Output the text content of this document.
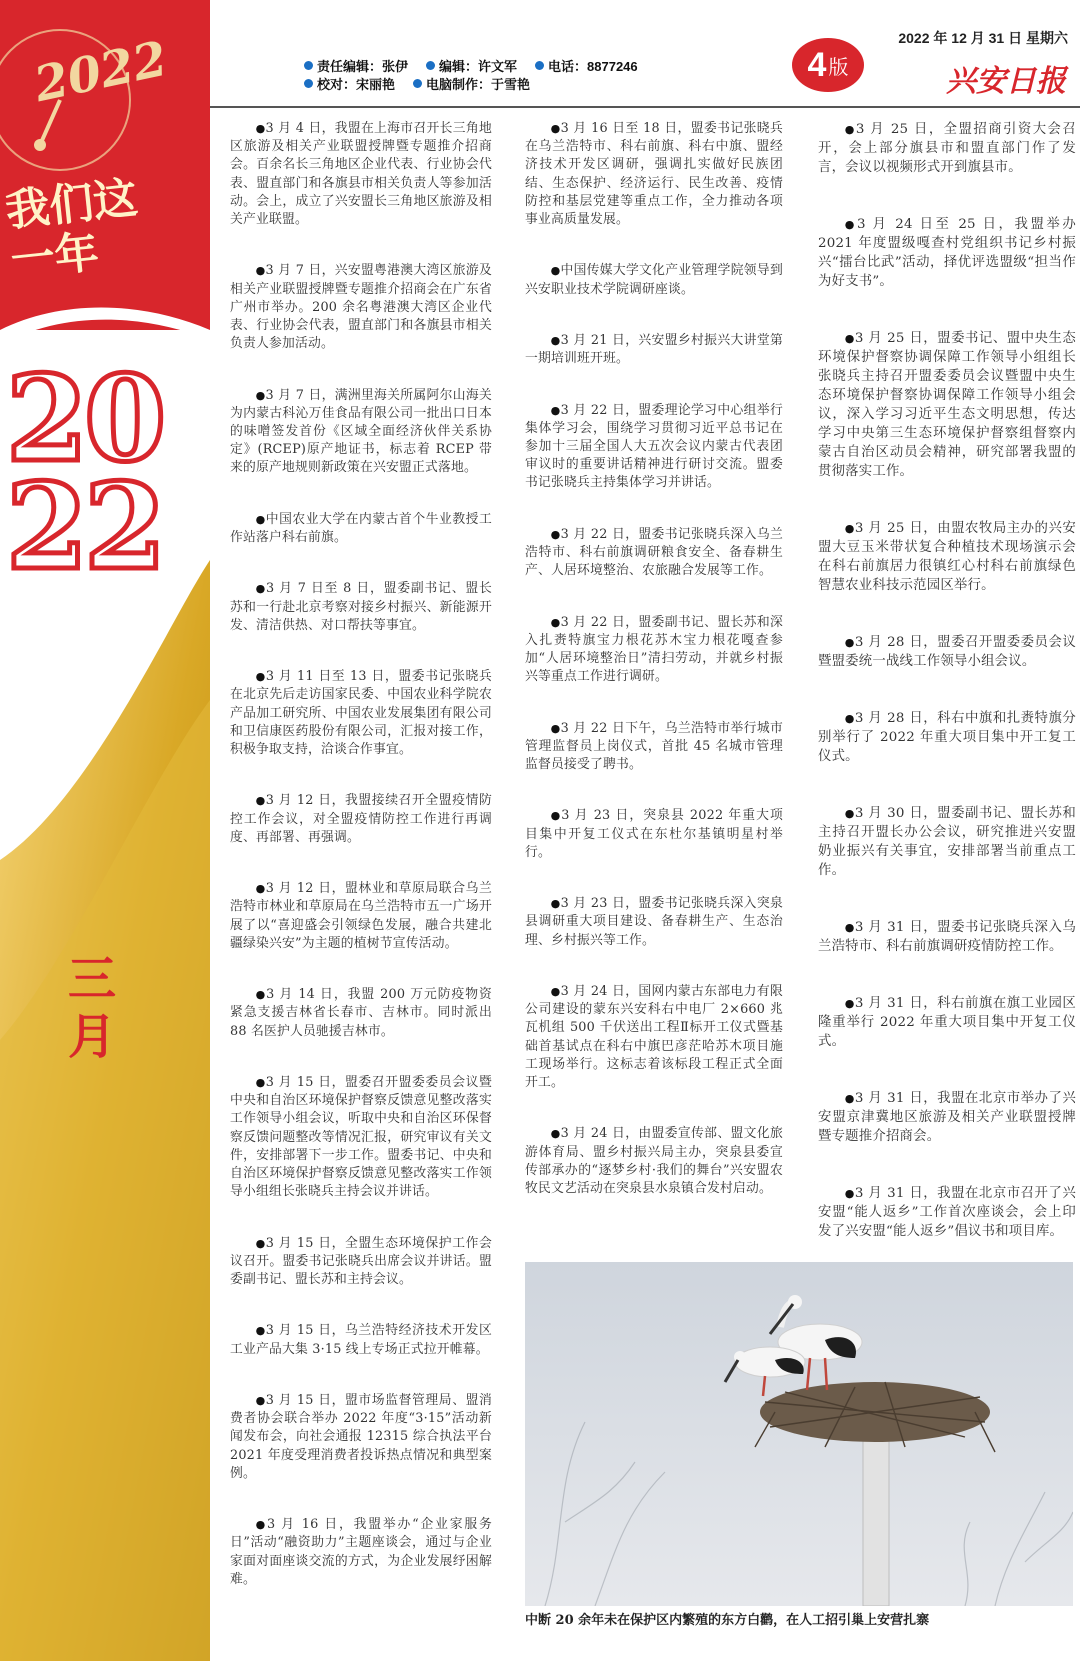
2022
我们这一年
20
22
三月
2022 年 12 月 31 日 星期六
责任编辑：张伊 编辑：许文军 电话：8877246
校对：宋丽艳 电脑制作：于雪艳
4 版	兴安日报

●3 月 4 日，我盟在上海市召开长三角地区旅游及相关产业联盟授牌暨专题推介招商会。百余名长三角地区企业代表、行业协会代表、盟直部门和各旗县市相关负责人等参加活动。会上，成立了兴安盟长三角地区旅游及相关产业联盟。

●3 月 7 日，兴安盟粤港澳大湾区旅游及相关产业联盟授牌暨专题推介招商会在广东省广州市举办。200 余名粤港澳大湾区企业代表、行业协会代表，盟直部门和各旗县市相关负责人参加活动。

●3 月 7 日，满洲里海关所属阿尔山海关为内蒙古科沁万佳食品有限公司一批出口日本的味噌签发首份《区域全面经济伙伴关系协定》(RCEP)原产地证书，标志着 RCEP 带来的原产地规则新政策在兴安盟正式落地。

●中国农业大学在内蒙古首个牛业教授工作站落户科右前旗。

●3 月 7 日至 8 日，盟委副书记、盟长苏和一行赴北京考察对接乡村振兴、新能源开发、清洁供热、对口帮扶等事宜。

●3 月 11 日至 13 日，盟委书记张晓兵在北京先后走访国家民委、中国农业科学院农产品加工研究所、中国农业发展集团有限公司和卫信康医药股份有限公司，汇报对接工作，积极争取支持，洽谈合作事宜。

●3 月 12 日，我盟接续召开全盟疫情防控工作会议，对全盟疫情防控工作进行再调度、再部署、再强调。

●3 月 12 日，盟林业和草原局联合乌兰浩特市林业和草原局在乌兰浩特市五一广场开展了以“喜迎盛会引领绿色发展，融合共建北疆绿染兴安”为主题的植树节宣传活动。

●3 月 14 日，我盟 200 万元防疫物资紧急支援吉林省长春市、吉林市。同时派出 88 名医护人员驰援吉林市。

●3 月 15 日，盟委召开盟委委员会议暨中央和自治区环境保护督察反馈意见整改落实工作领导小组会议，听取中央和自治区环保督察反馈问题整改等情况汇报，研究审议有关文件，安排部署下一步工作。盟委书记、中央和自治区环境保护督察反馈意见整改落实工作领导小组组长张晓兵主持会议并讲话。

●3 月 15 日，全盟生态环境保护工作会议召开。盟委书记张晓兵出席会议并讲话。盟委副书记、盟长苏和主持会议。

●3 月 15 日，乌兰浩特经济技术开发区工业产品大集 3·15 线上专场正式拉开帷幕。

●3 月 15 日，盟市场监督管理局、盟消费者协会联合举办 2022 年度“3·15”活动新闻发布会，向社会通报 12315 综合执法平台 2021 年度受理消费者投诉热点情况和典型案例。

●3 月 16 日，我盟举办“企业家服务日”活动“融资助力”主题座谈会，通过与企业家面对面座谈交流的方式，为企业发展纾困解难。

●3 月 16 日至 18 日，盟委书记张晓兵在乌兰浩特市、科右前旗、科右中旗、盟经济技术开发区调研，强调扎实做好民族团结、生态保护、经济运行、民生改善、疫情防控和基层党建等重点工作，全力推动各项事业高质量发展。

●中国传媒大学文化产业管理学院领导到兴安职业技术学院调研座谈。

●3 月 21 日，兴安盟乡村振兴大讲堂第一期培训班开班。

●3 月 22 日，盟委理论学习中心组举行集体学习会，围绕学习贯彻习近平总书记在参加十三届全国人大五次会议内蒙古代表团审议时的重要讲话精神进行研讨交流。盟委书记张晓兵主持集体学习并讲话。

●3 月 22 日，盟委书记张晓兵深入乌兰浩特市、科右前旗调研粮食安全、备春耕生产、人居环境整治、农旅融合发展等工作。

●3 月 22 日，盟委副书记、盟长苏和深入扎赉特旗宝力根花苏木宝力根花嘎查参加“人居环境整治日”清扫劳动，并就乡村振兴等重点工作进行调研。

●3 月 22 日下午，乌兰浩特市举行城市管理监督员上岗仪式，首批 45 名城市管理监督员接受了聘书。

●3 月 23 日，突泉县 2022 年重大项目集中开复工仪式在东杜尔基镇明星村举行。

●3 月 23 日，盟委书记张晓兵深入突泉县调研重大项目建设、备春耕生产、生态治理、乡村振兴等工作。

●3 月 24 日，国网内蒙古东部电力有限公司建设的蒙东兴安科右中电厂 2×660 兆瓦机组 500 千伏送出工程Ⅱ标开工仪式暨基础首基试点在科右中旗巴彦茫哈苏木项目施工现场举行。这标志着该标段工程正式全面开工。

●3 月 24 日，由盟委宣传部、盟文化旅游体育局、盟乡村振兴局主办，突泉县委宣传部承办的“逐梦乡村·我们的舞台”兴安盟农牧民文艺活动在突泉县水泉镇合发村启动。

●3 月 25 日，全盟招商引资大会召开，会上部分旗县市和盟直部门作了发言，会议以视频形式开到旗县市。

●3 月 24 日至 25 日，我盟举办 2021 年度盟级嘎查村党组织书记乡村振兴“擂台比武”活动，择优评选盟级“担当作为好支书”。

●3 月 25 日，盟委书记、盟中央生态环境保护督察协调保障工作领导小组组长张晓兵主持召开盟委委员会议暨盟中央生态环境保护督察协调保障工作领导小组会议，深入学习习近平生态文明思想，传达学习中央第三生态环境保护督察组督察内蒙古自治区动员会精神，研究部署我盟的贯彻落实工作。

●3 月 25 日，由盟农牧局主办的兴安盟大豆玉米带状复合种植技术现场演示会在科右前旗居力很镇红心村科右前旗绿色智慧农业科技示范园区举行。

●3 月 28 日，盟委召开盟委委员会议暨盟委统一战线工作领导小组会议。

●3 月 28 日，科右中旗和扎赉特旗分别举行了 2022 年重大项目集中开工复工仪式。

●3 月 30 日，盟委副书记、盟长苏和主持召开盟长办公会议，研究推进兴安盟奶业振兴有关事宜，安排部署当前重点工作。

●3 月 31 日，盟委书记张晓兵深入乌兰浩特市、科右前旗调研疫情防控工作。

●3 月 31 日，科右前旗在旗工业园区隆重举行 2022 年重大项目集中开复工仪式。

●3 月 31 日，我盟在北京市举办了兴安盟京津冀地区旅游及相关产业联盟授牌暨专题推介招商会。

●3 月 31 日，我盟在北京市召开了兴安盟“能人返乡”工作首次座谈会，会上印发了兴安盟“能人返乡”倡议书和项目库。

中断 20 余年未在保护区内繁殖的东方白鹳，在人工招引巢上安营扎寨
